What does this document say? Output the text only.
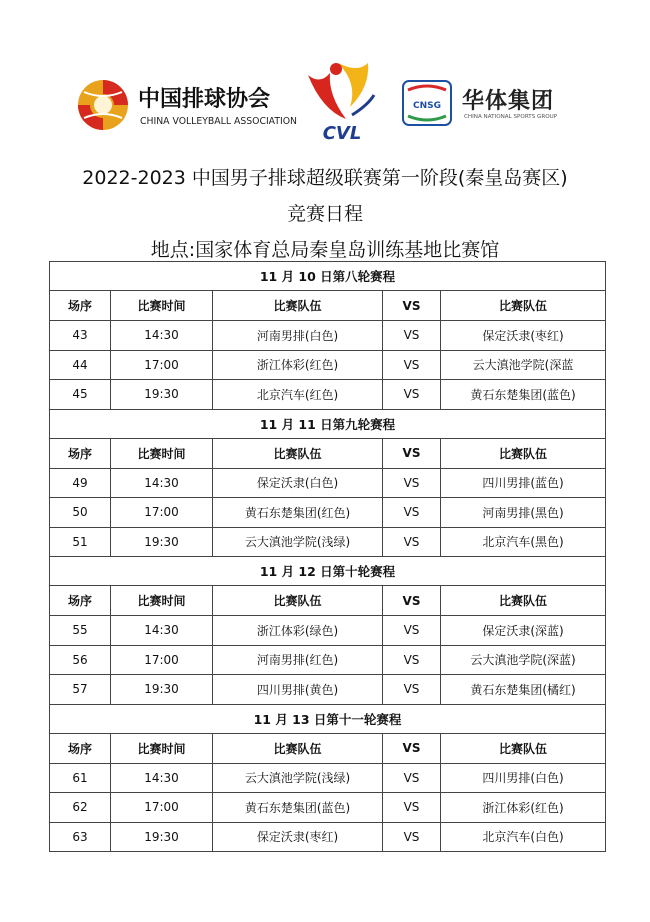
中国排球协会
CHINA VOLLEYBALL ASSOCIATION
CVL
CNSG 华体集团
CHINA NATIONAL SPORTS GROUP
2022-2023 中国男子排球超级联赛第一阶段(秦皇岛赛区)
竞赛日程
地点:国家体育总局秦皇岛训练基地比赛馆
11 月 10 日第八轮赛程				
场序	比赛时间	比赛队伍	VS	比赛队伍
43	14:30	河南男排(白色)	VS	保定沃隶(枣红)
44	17:00	浙江体彩(红色)	VS	云大滇池学院(深蓝
45	19:30	北京汽车(红色)	VS	黄石东楚集团(蓝色)
11 月 11 日第九轮赛程				
场序	比赛时间	比赛队伍	VS	比赛队伍
49	14:30	保定沃隶(白色)	VS	四川男排(蓝色)
50	17:00	黄石东楚集团(红色)	VS	河南男排(黑色)
51	19:30	云大滇池学院(浅绿)	VS	北京汽车(黑色)
11 月 12 日第十轮赛程				
场序	比赛时间	比赛队伍	VS	比赛队伍
55	14:30	浙江体彩(绿色)	VS	保定沃隶(深蓝)
56	17:00	河南男排(红色)	VS	云大滇池学院(深蓝)
57	19:30	四川男排(黄色)	VS	黄石东楚集团(橘红)
11 月 13 日第十一轮赛程				
场序	比赛时间	比赛队伍	VS	比赛队伍
61	14:30	云大滇池学院(浅绿)	VS	四川男排(白色)
62	17:00	黄石东楚集团(蓝色)	VS	浙江体彩(红色)
63	19:30	保定沃隶(枣红)	VS	北京汽车(白色)
